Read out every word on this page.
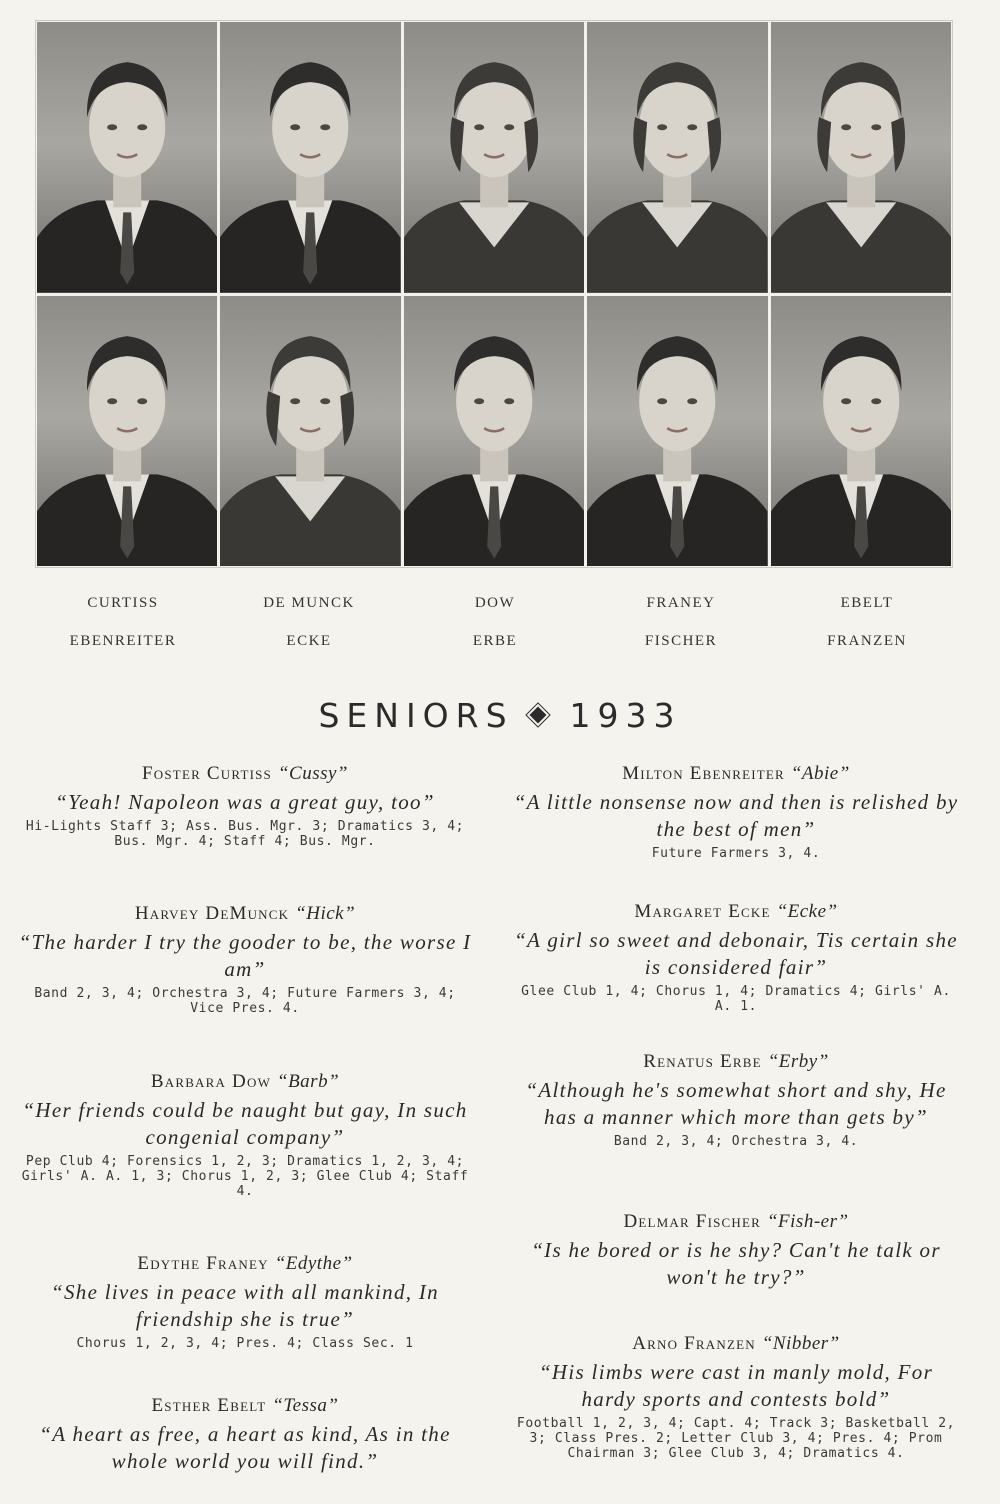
CURTISS	DE MUNCK	DOW	FRANEY	EBELT
EBENREITER	ECKE	ERBE	FISCHER	FRANZEN
SENIORS 1933
Foster Curtiss “Cussy”
“Yeah! Napoleon was a great guy, too”
Hi-Lights Staff 3; Ass. Bus. Mgr. 3; Dramatics 3, 4; Bus. Mgr. 4; Staff 4; Bus. Mgr.
Harvey DeMunck “Hick”
“The harder I try the gooder to be, the worse I am”
Band 2, 3, 4; Orchestra 3, 4; Future Farmers 3, 4; Vice Pres. 4.
Barbara Dow “Barb”
“Her friends could be naught but gay, In such congenial company”
Pep Club 4; Forensics 1, 2, 3; Dramatics 1, 2, 3, 4; Girls' A. A. 1, 3; Chorus 1, 2, 3; Glee Club 4; Staff 4.
Edythe Franey “Edythe”
“She lives in peace with all mankind, In friendship she is true”
Chorus 1, 2, 3, 4; Pres. 4; Class Sec. 1
Esther Ebelt “Tessa”
“A heart as free, a heart as kind, As in the whole world you will find.”
Milton Ebenreiter “Abie”
“A little nonsense now and then is relished by the best of men”
Future Farmers 3, 4.
Margaret Ecke “Ecke”
“A girl so sweet and debonair, Tis certain she is considered fair”
Glee Club 1, 4; Chorus 1, 4; Dramatics 4; Girls' A. A. 1.
Renatus Erbe “Erby”
“Although he's somewhat short and shy, He has a manner which more than gets by”
Band 2, 3, 4; Orchestra 3, 4.
Delmar Fischer “Fish-er”
“Is he bored or is he shy? Can't he talk or won't he try?”
Arno Franzen “Nibber”
“His limbs were cast in manly mold, For hardy sports and contests bold”
Football 1, 2, 3, 4; Capt. 4; Track 3; Basketball 2, 3; Class Pres. 2; Letter Club 3, 4; Pres. 4; Prom Chairman 3; Glee Club 3, 4; Dramatics 4.
